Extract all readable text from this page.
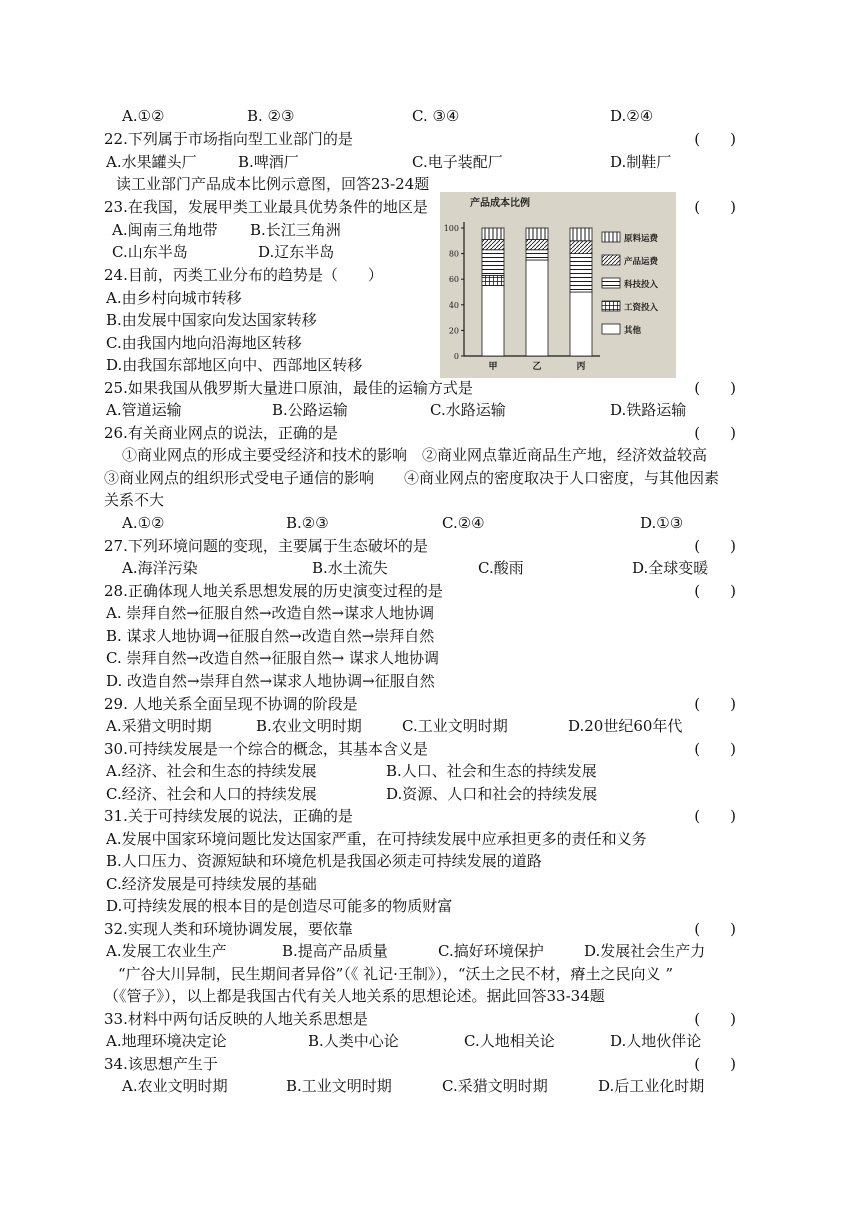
A.①②	B. ②③	C. ③④	D.②④
22.下列属于市场指向型工业部门的是	(　　)
A.水果罐头厂	B.啤酒厂	C.电子装配厂	D.制鞋厂
读工业部门产品成本比例示意图，回答23-24题
23.在我国，发展甲类工业最具优势条件的地区是	(　　)
A.闽南三角地带 B.长江三角洲
C.山东半岛	D.辽东半岛
24.目前，丙类工业分布的趋势是（　　）
A.由乡村向城市转移
B.由发展中国家向发达国家转移
C.由我国内地向沿海地区转移
D.由我国东部地区向中、西部地区转移
产品成本比例
0
20
40
60
80
100
甲	乙	丙
原料运费
产品运费
科技投入
工资投入
其他
25.如果我国从俄罗斯大量进口原油，最佳的运输方式是	(　　)
A.管道运输	B.公路运输	C.水路运输	D.铁路运输
26.有关商业网点的说法，正确的是	(　　)
①商业网点的形成主要受经济和技术的影响　②商业网点靠近商品生产地，经济效益较高
③商业网点的组织形式受电子通信的影响　　④商业网点的密度取决于人口密度，与其他因素
关系不大
A.①②	B.②③	C.②④	D.①③
27.下列环境问题的变现，主要属于生态破坏的是	(　　)
A.海洋污染	B.水土流失	C.酸雨	D.全球变暖
28.正确体现人地关系思想发展的历史演变过程的是	(　　)
A. 崇拜自然→征服自然→改造自然→谋求人地协调
B. 谋求人地协调→征服自然→改造自然→崇拜自然
C. 崇拜自然→改造自然→征服自然→ 谋求人地协调
D. 改造自然→崇拜自然→谋求人地协调→征服自然
29. 人地关系全面呈现不协调的阶段是	(　　)
A.采猎文明时期	B.农业文明时期	C.工业文明时期	D.20世纪60年代
30.可持续发展是一个综合的概念，其基本含义是	(　　)
A.经济、社会和生态的持续发展	B.人口、社会和生态的持续发展
C.经济、社会和人口的持续发展	D.资源、人口和社会的持续发展
31.关于可持续发展的说法，正确的是	(　　)
A.发展中国家环境问题比发达国家严重，在可持续发展中应承担更多的责任和义务
B.人口压力、资源短缺和环境危机是我国必须走可持续发展的道路
C.经济发展是可持续发展的基础
D.可持续发展的根本目的是创造尽可能多的物质财富
32.实现人类和环境协调发展，要依靠	(　　)
A.发展工农业生产	B.提高产品质量	C.搞好环境保护	D.发展社会生产力
“广谷大川异制，民生期间者异俗”（《 礼记·王制》），“沃土之民不材，瘠土之民向义 ”
（《管子》），以上都是我国古代有关人地关系的思想论述。据此回答33-34题
33.材料中两句话反映的人地关系思想是	(　　)
A.地理环境决定论	B.人类中心论	C.人地相关论	D.人地伙伴论
34.该思想产生于	(　　)
A.农业文明时期	B.工业文明时期	C.采猎文明时期	D.后工业化时期
